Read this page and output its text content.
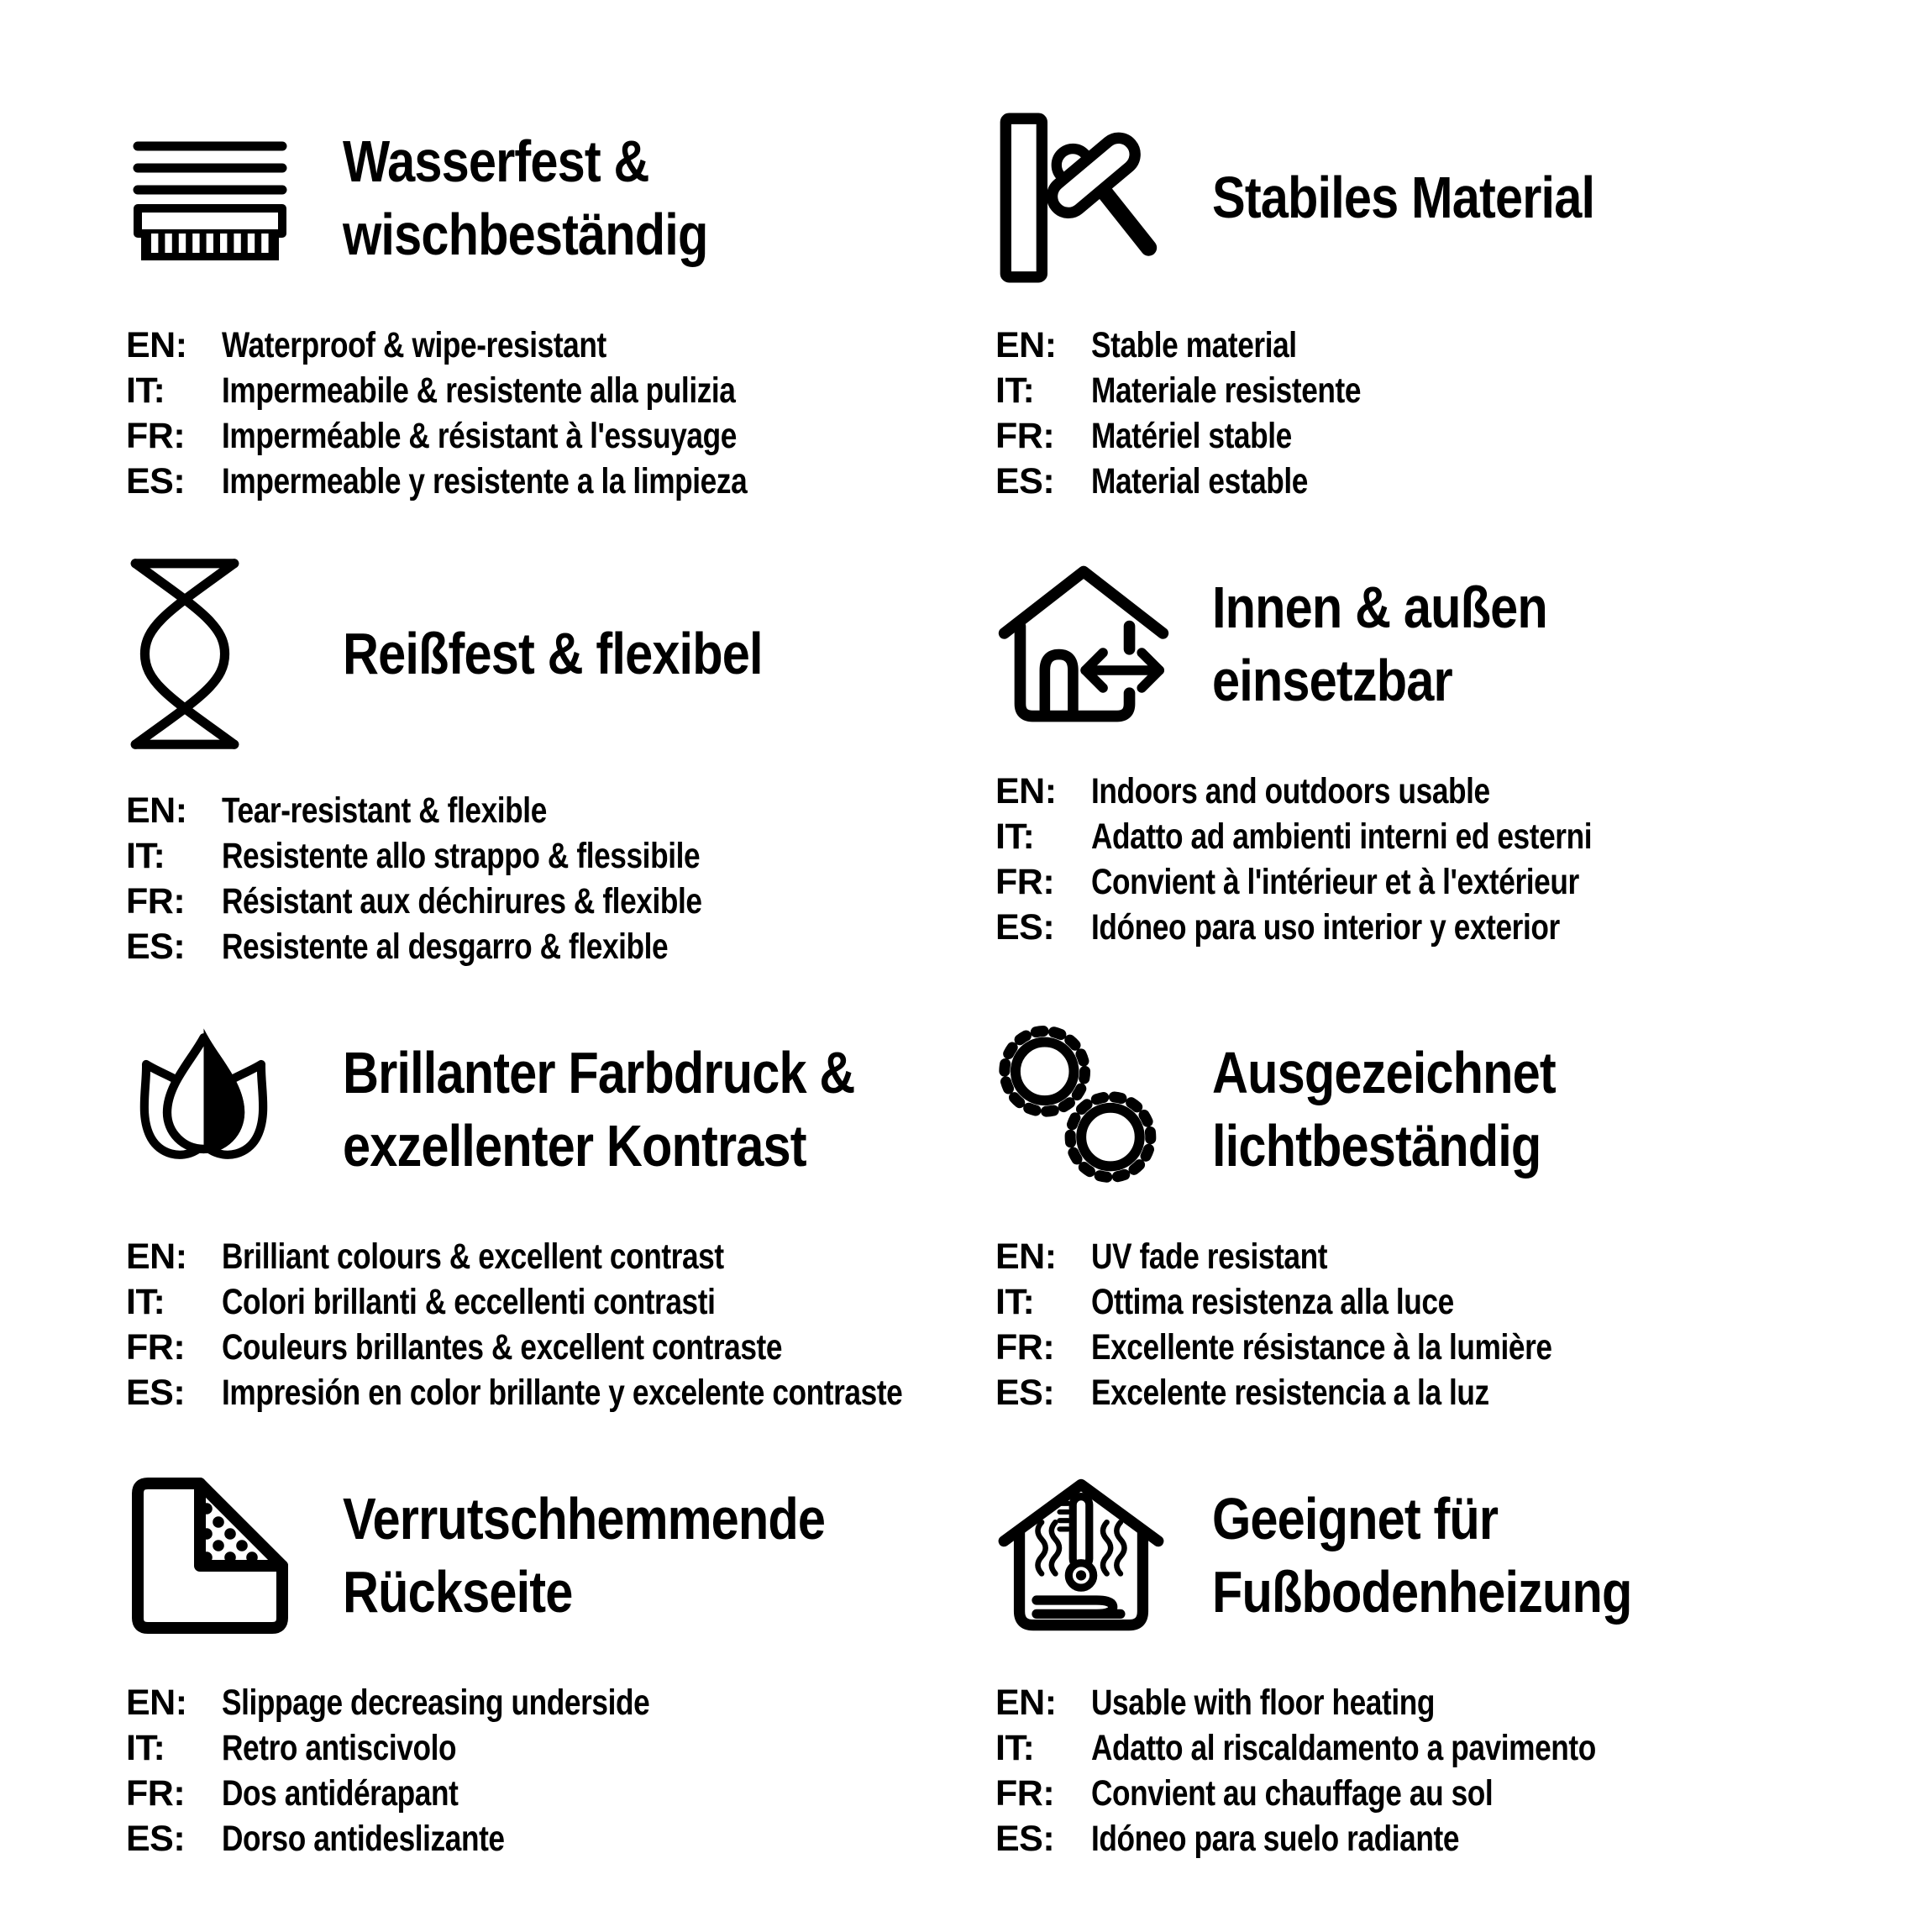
Wasserfest &
wischbeständig
EN: Waterproof & wipe-resistant
IT:	Impermeabile & resistente alla pulizia
FR:	Imperméable & résistant à l'essuyage
ES:	Impermeable y resistente a la limpieza
Stabiles Material
EN: Stable material
IT:	Materiale resistente
FR:	Matériel stable
ES:	Material estable
Reißfest & flexibel
EN: Tear-resistant & flexible
IT:	Resistente allo strappo & flessibile
FR:	Résistant aux déchirures & flexible
ES:	Resistente al desgarro & flexible
Innen & außen
einsetzbar
EN: Indoors and outdoors usable
IT:	Adatto ad ambienti interni ed esterni
FR:	Convient à l'intérieur et à l'extérieur
ES:	Idóneo para uso interior y exterior
Brillanter Farbdruck &
exzellenter Kontrast
EN: Brilliant colours & excellent contrast
IT:	Colori brillanti & eccellenti contrasti
FR:	Couleurs brillantes & excellent contraste
ES:	Impresión en color brillante y excelente contraste
Ausgezeichnet
lichtbeständig
EN: UV fade resistant
IT:	Ottima resistenza alla luce
FR:	Excellente résistance à la lumière
ES:	Excelente resistencia a la luz
Verrutschhemmende
Rückseite
EN: Slippage decreasing underside
IT:	Retro antiscivolo
FR:	Dos antidérapant
ES:	Dorso antideslizante
Geeignet für
Fußbodenheizung
EN: Usable with floor heating
IT:	Adatto al riscaldamento a pavimento
FR:	Convient au chauffage au sol
ES:	Idóneo para suelo radiante
